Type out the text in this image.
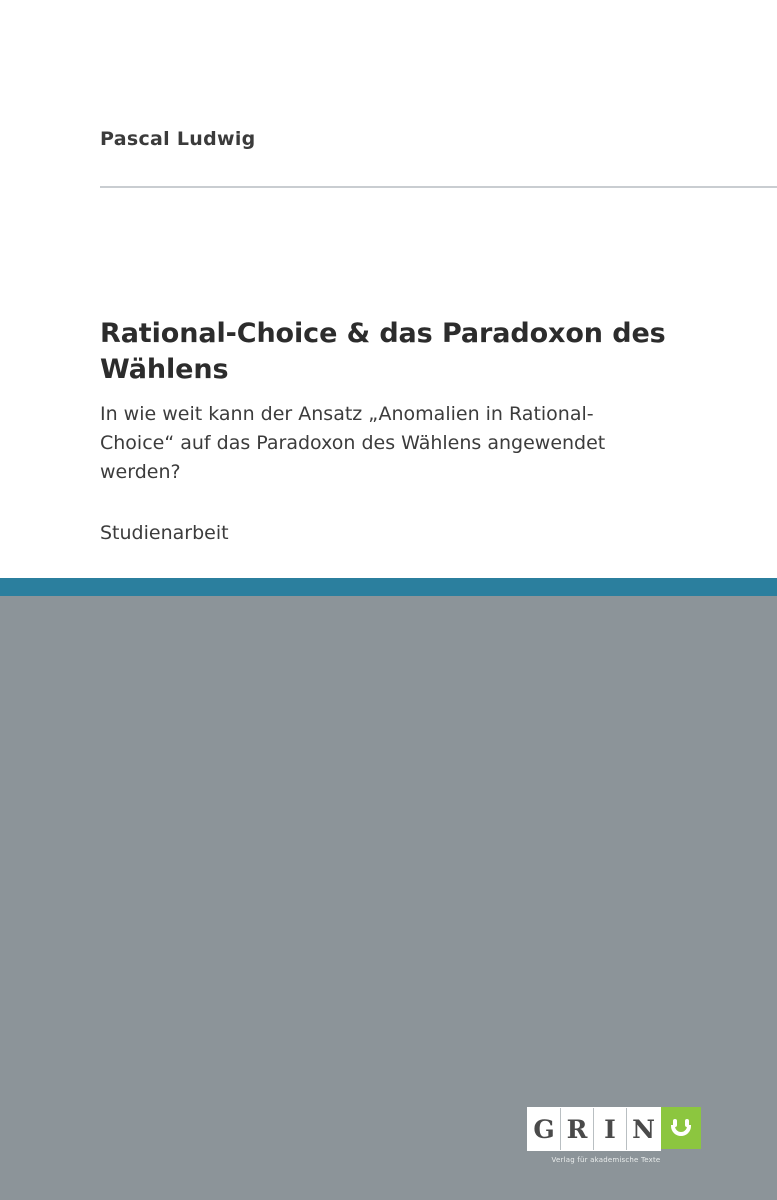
Pascal Ludwig
Rational-Choice & das Paradoxon des Wählens
In wie weit kann der Ansatz „Anomalien in Rational-Choice“ auf das Paradoxon des Wählens angewendet werden?
Studienarbeit
G R I N
Verlag für akademische Texte
